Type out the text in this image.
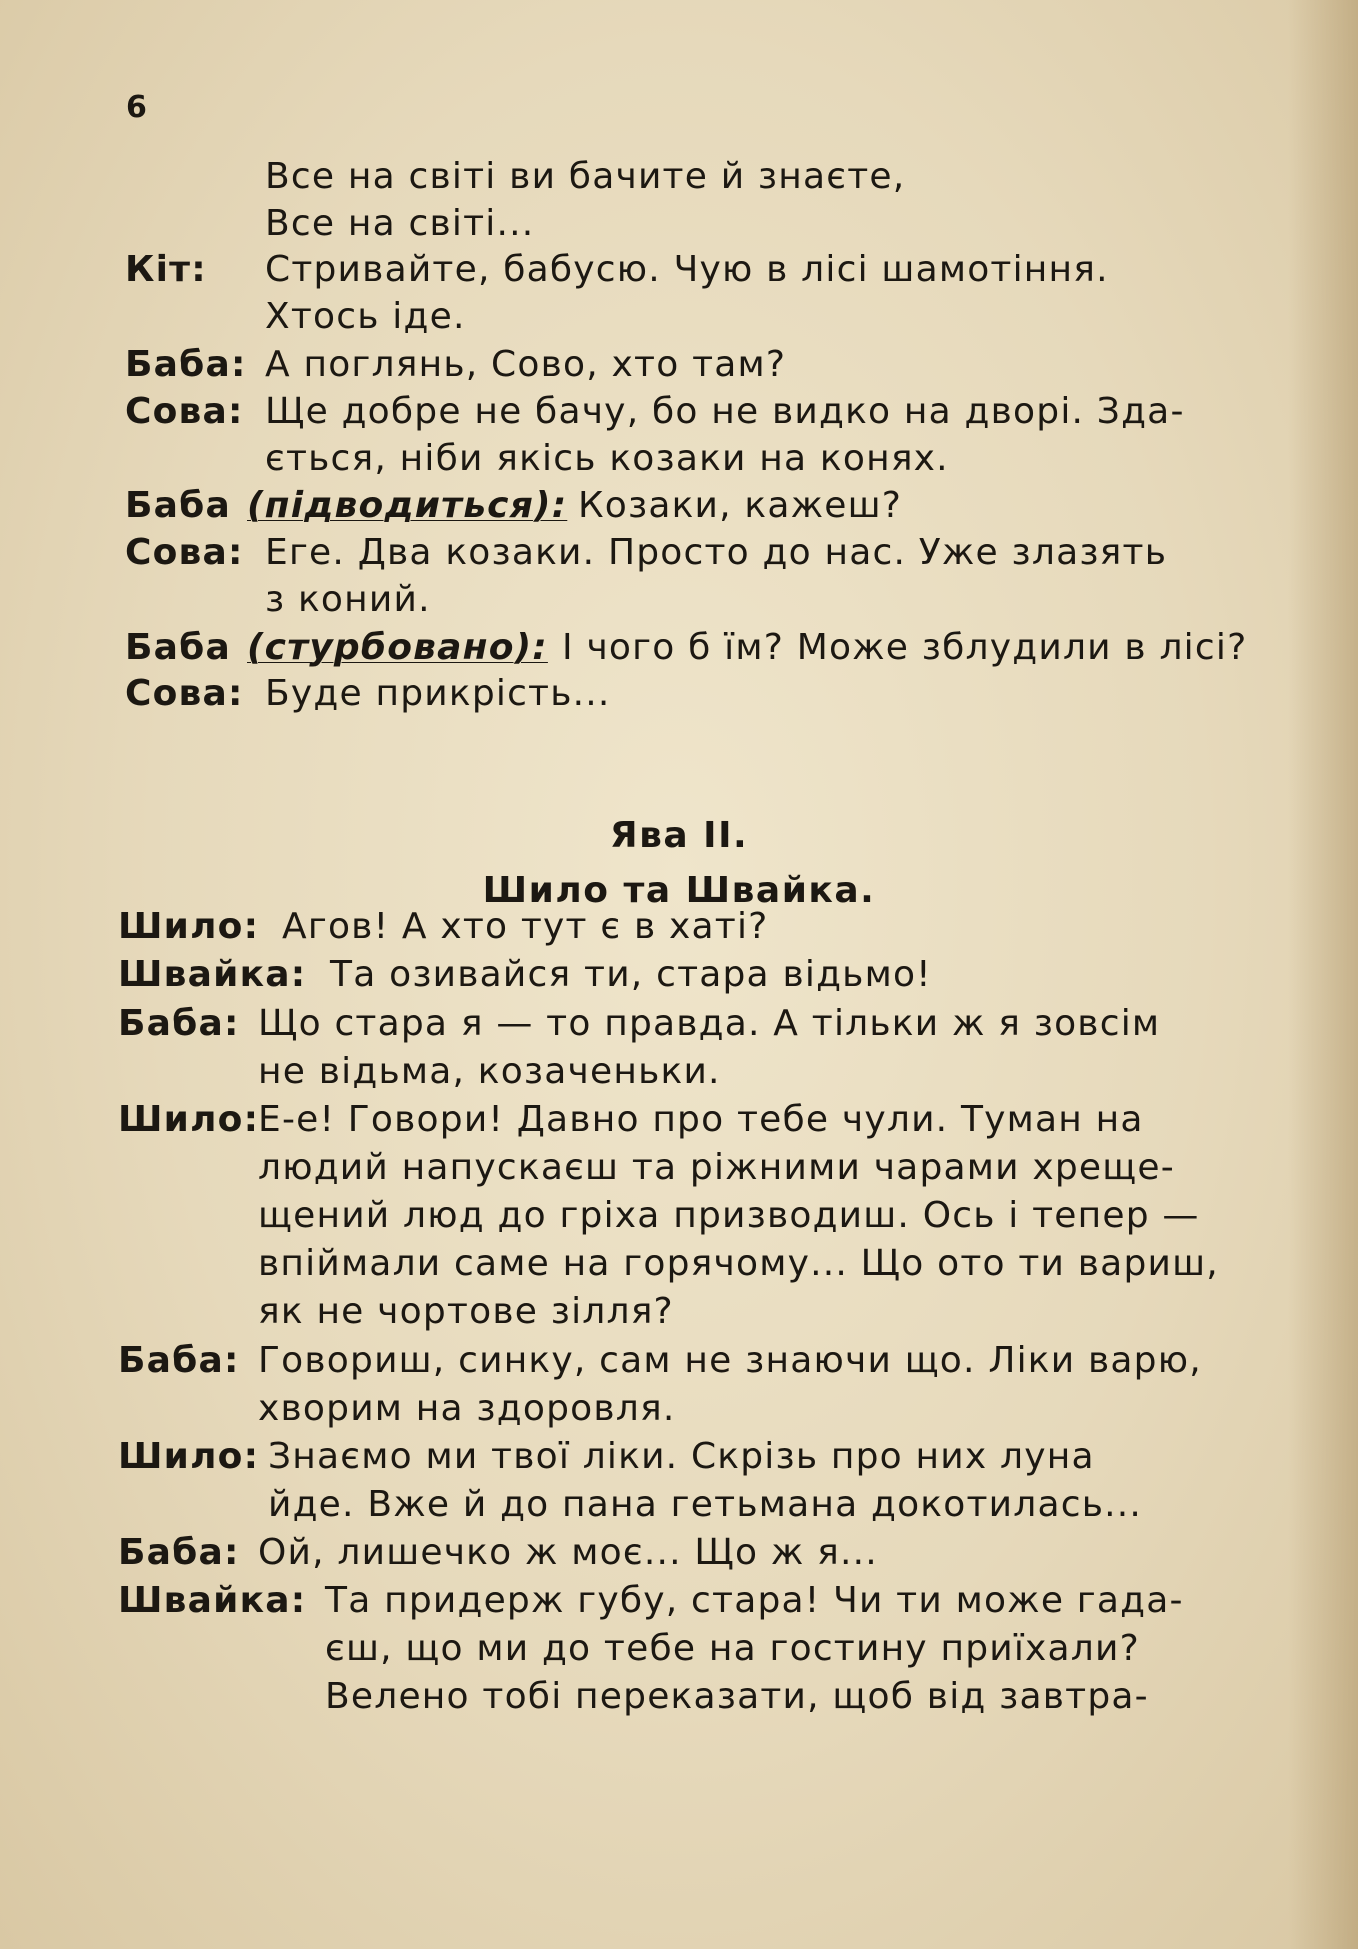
6
Все на світі ви бачите й знаєте,
Все на світі...
Кіт: Стривайте, бабусю. Чую в лісі шамотіння.
Хтось іде.
Баба: А поглянь, Сово, хто там?
Сова: Ще добре не бачу, бо не видко на дворі. Зда-
ється, ніби якісь козаки на конях.
Баба (підводиться): Козаки, кажеш?
Сова: Еге. Два козаки. Просто до нас. Уже злазять
з коний.
Баба (стурбовано): І чого б їм? Може зблудили в лісі?
Сова: Буде прикрість...
Ява II.
Шило та Швайка.
Шило: Агов! А хто тут є в хаті?
Швайка: Та озивайся ти, стара відьмо!
Баба: Що стара я — то правда. А тільки ж я зовсім
не відьма, козаченьки.
Шило:
Е-е! Говори! Давно про тебе чули. Туман на
людий напускаєш та ріжними чарами хреще-
щений люд до гріха призводиш. Ось і тепер —
впіймали саме на горячому... Що ото ти вариш,
як не чортове зілля?
Баба: Говориш, синку, сам не знаючи що. Ліки варю,
хворим на здоровля.
Шило: Знаємо ми твої ліки. Скрізь про них луна
йде. Вже й до пана гетьмана докотилась...
Баба: Ой, лишечко ж моє... Що ж я...
Швайка: Та придерж губу, стара! Чи ти може гада-
єш, що ми до тебе на гостину приїхали?
Велено тобі переказати, щоб від завтра-
